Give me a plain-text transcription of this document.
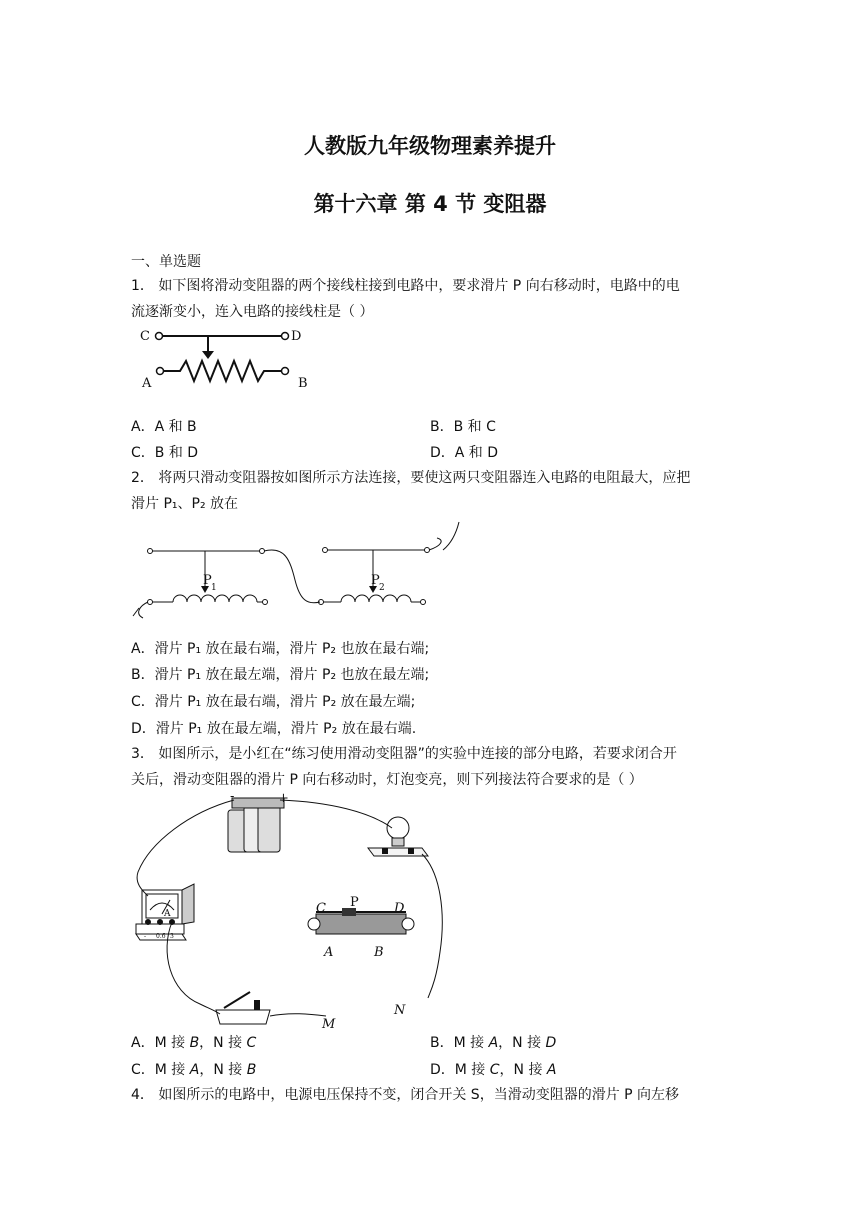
人教版九年级物理素养提升
第十六章 第 4 节 变阻器
一、单选题
1． 如下图将滑动变阻器的两个接线柱接到电路中，要求滑片 P 向右移动时，电路中的电
流逐渐变小，连入电路的接线柱是（ ）
C	D
A	B
A．A 和 B	B．B 和 C
C．B 和 D	D．A 和 D
2． 将两只滑动变阻器按如图所示方法连接，要使这两只变阻器连入电路的电阻最大，应把
滑片 P₁、P₂ 放在
P 1	P 2
A．滑片 P₁ 放在最右端，滑片 P₂ 也放在最右端;
B．滑片 P₁ 放在最左端，滑片 P₂ 也放在最左端;
C．滑片 P₁ 放在最右端，滑片 P₂ 放在最左端;
D．滑片 P₁ 放在最左端，滑片 P₂ 放在最右端.
3． 如图所示，是小红在“练习使用滑动变阻器”的实验中连接的部分电路，若要求闭合开
关后，滑动变阻器的滑片 P 向右移动时，灯泡变亮，则下列接法符合要求的是（ ）
-	+
A
- 0.6 3
C P	D
A	B
M
N
A．M 接 B，N 接 C	B．M 接 A，N 接 D
C．M 接 A，N 接 B	D．M 接 C，N 接 A
4． 如图所示的电路中，电源电压保持不变，闭合开关 S，当滑动变阻器的滑片 P 向左移
